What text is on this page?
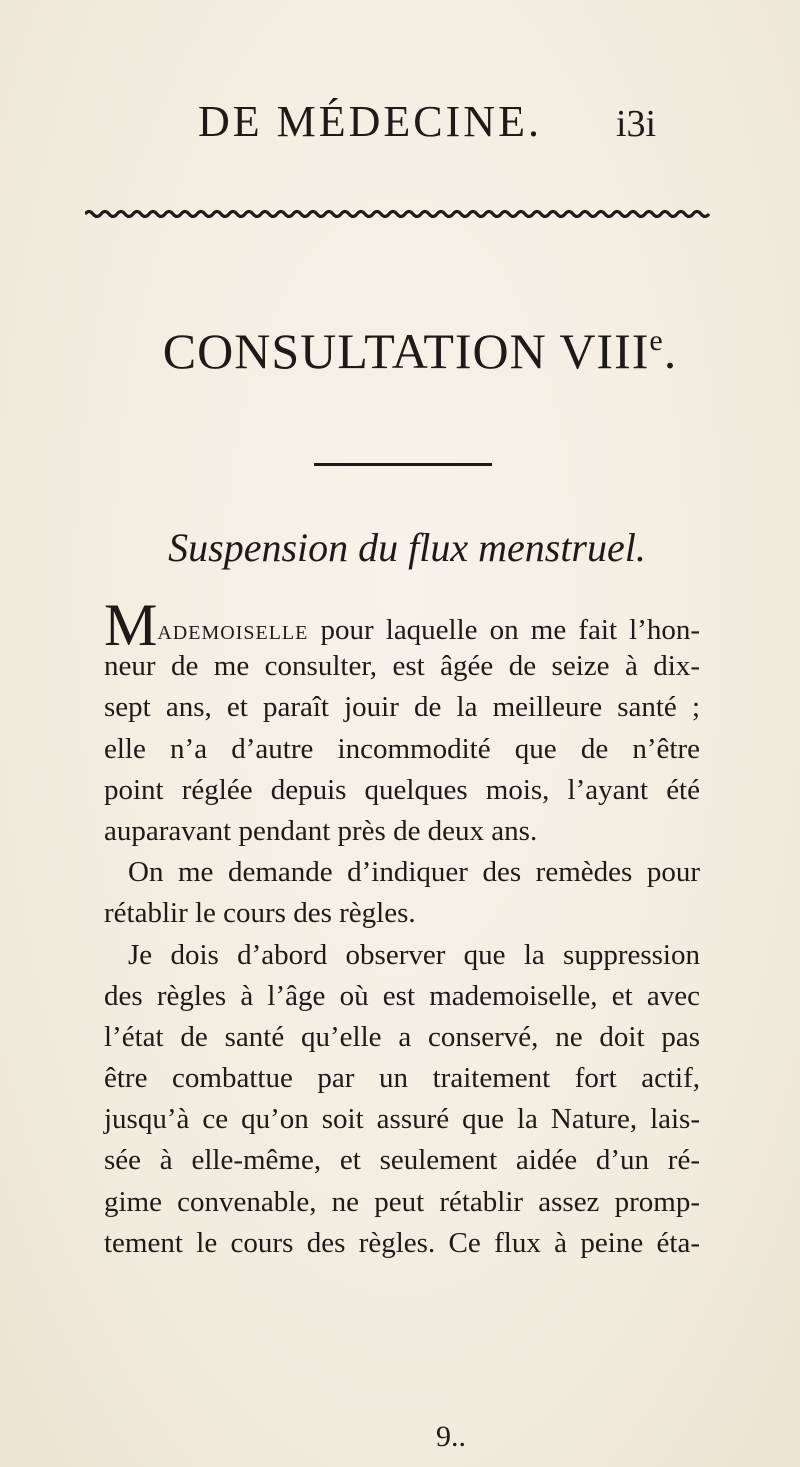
DE MÉDECINE. i3i
CONSULTATION VIIIe.
Suspension du flux menstruel.
Mademoiselle pour laquelle on me fait l’hon-
neur de me consulter, est âgée de seize à dix-
sept ans, et paraît jouir de la meilleure santé ;
elle n’a d’autre incommodité que de n’être
point réglée depuis quelques mois, l’ayant été
auparavant pendant près de deux ans.
On me demande d’indiquer des remèdes pour
rétablir le cours des règles.
Je dois d’abord observer que la suppression
des règles à l’âge où est mademoiselle, et avec
l’état de santé qu’elle a conservé, ne doit pas
être combattue par un traitement fort actif,
jusqu’à ce qu’on soit assuré que la Nature, lais-
sée à elle-même, et seulement aidée d’un ré-
gime convenable, ne peut rétablir assez promp-
tement le cours des règles. Ce flux à peine éta-
9..
